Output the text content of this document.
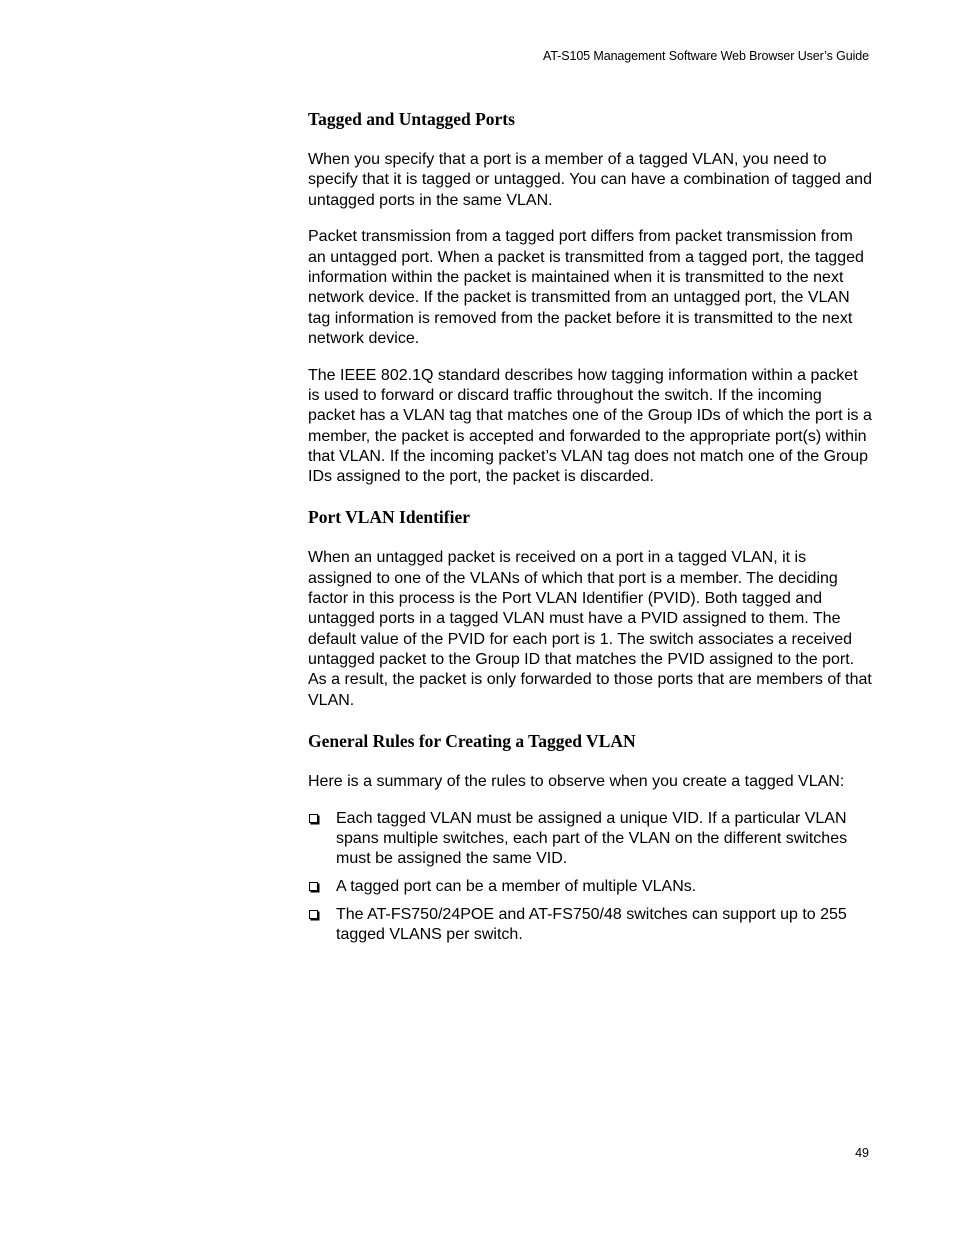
AT-S105 Management Software Web Browser User’s Guide
Tagged and Untagged Ports

When you specify that a port is a member of a tagged VLAN, you need to specify that it is tagged or untagged. You can have a combination of tagged and untagged ports in the same VLAN.

Packet transmission from a tagged port differs from packet transmission from an untagged port. When a packet is transmitted from a tagged port, the tagged information within the packet is maintained when it is transmitted to the next network device. If the packet is transmitted from an untagged port, the VLAN tag information is removed from the packet before it is transmitted to the next network device.

The IEEE 802.1Q standard describes how tagging information within a packet is used to forward or discard traffic throughout the switch. If the incoming packet has a VLAN tag that matches one of the Group IDs of which the port is a member, the packet is accepted and forwarded to the appropriate port(s) within that VLAN. If the incoming packet’s VLAN tag does not match one of the Group IDs assigned to the port, the packet is discarded.

Port VLAN Identifier

When an untagged packet is received on a port in a tagged VLAN, it is assigned to one of the VLANs of which that port is a member. The deciding factor in this process is the Port VLAN Identifier (PVID). Both tagged and untagged ports in a tagged VLAN must have a PVID assigned to them. The default value of the PVID for each port is 1. The switch associates a received untagged packet to the Group ID that matches the PVID assigned to the port. As a result, the packet is only forwarded to those ports that are members of that VLAN.

General Rules for Creating a Tagged VLAN

Here is a summary of the rules to observe when you create a tagged VLAN:

Each tagged VLAN must be assigned a unique VID. If a particular VLAN spans multiple switches, each part of the VLAN on the different switches must be assigned the same VID.
A tagged port can be a member of multiple VLANs.
The AT-FS750/24POE and AT-FS750/48 switches can support up to 255 tagged VLANS per switch.
49
